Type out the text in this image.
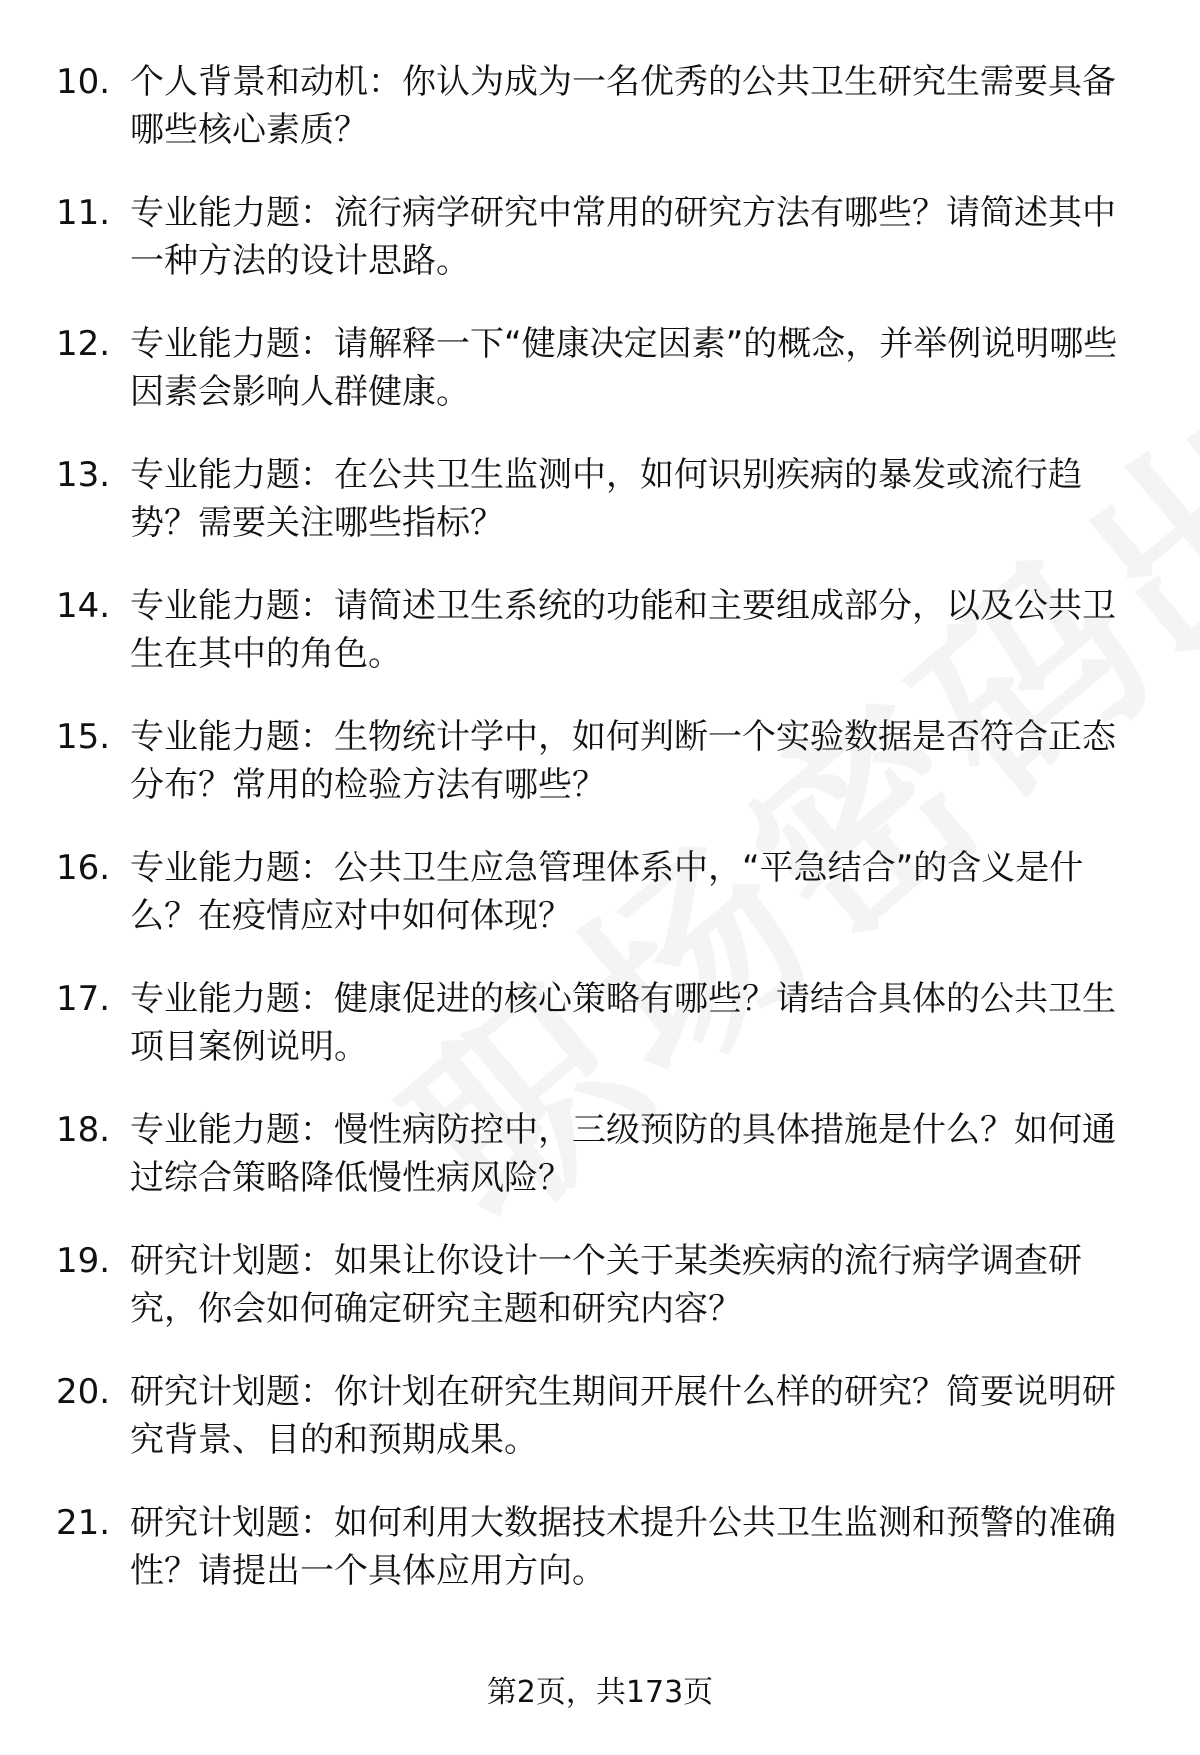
10. 个人背景和动机：你认为成为一名优秀的公共卫生研究生需要具备哪些核心素质？
11. 专业能力题：流行病学研究中常用的研究方法有哪些？请简述其中一种方法的设计思路。
12. 专业能力题：请解释一下“健康决定因素”的概念，并举例说明哪些因素会影响人群健康。
13. 专业能力题：在公共卫生监测中，如何识别疾病的暴发或流行趋势？需要关注哪些指标？
14. 专业能力题：请简述卫生系统的功能和主要组成部分，以及公共卫生在其中的角色。
15. 专业能力题：生物统计学中，如何判断一个实验数据是否符合正态分布？常用的检验方法有哪些？
16. 专业能力题：公共卫生应急管理体系中，“平急结合”的含义是什么？在疫情应对中如何体现？
17. 专业能力题：健康促进的核心策略有哪些？请结合具体的公共卫生项目案例说明。
18. 专业能力题：慢性病防控中，三级预防的具体措施是什么？如何通过综合策略降低慢性病风险？
19. 研究计划题：如果让你设计一个关于某类疾病的流行病学调查研究，你会如何确定研究主题和研究内容？
20. 研究计划题：你计划在研究生期间开展什么样的研究？简要说明研究背景、目的和预期成果。
21. 研究计划题：如何利用大数据技术提升公共卫生监测和预警的准确性？请提出一个具体应用方向。
第2页，共173页
